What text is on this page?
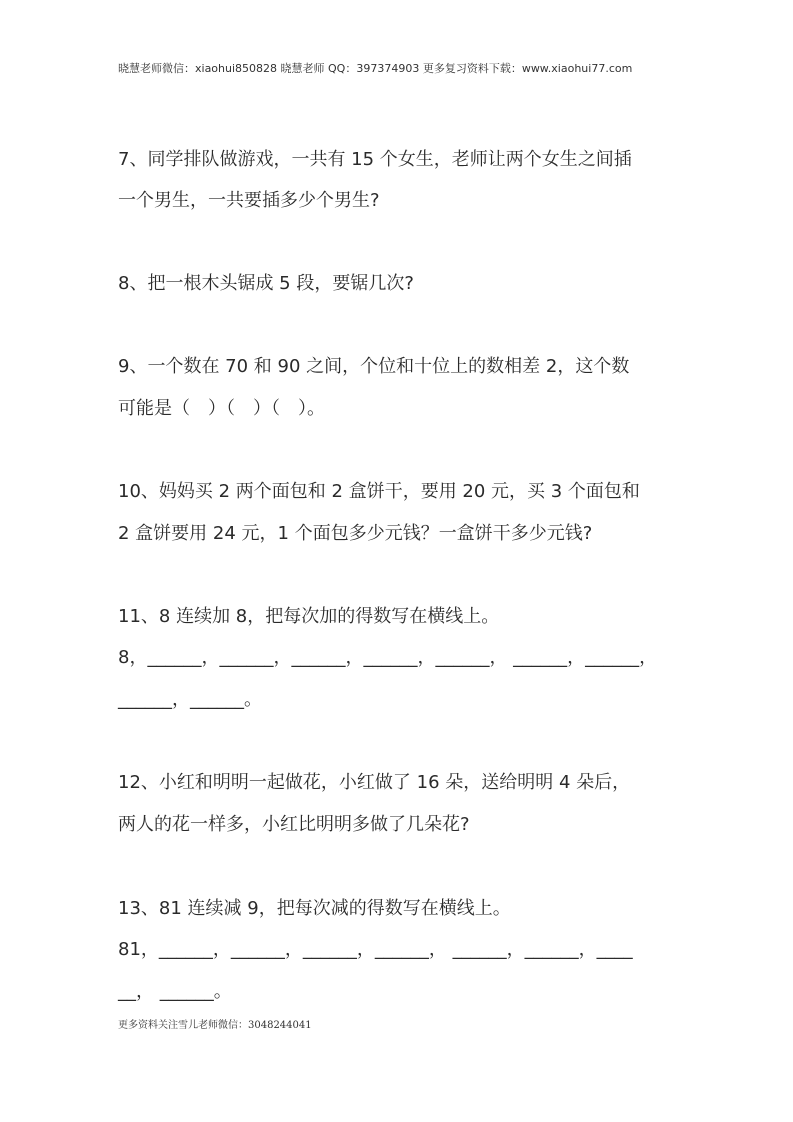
晓慧老师微信：xiaohui850828 晓慧老师 QQ：397374903 更多复习资料下载：www.xiaohui77.com
7、同学排队做游戏，一共有 15 个女生，老师让两个女生之间插
一个男生，一共要插多少个男生?
8、把一根木头锯成 5 段，要锯几次?
9、一个数在 70 和 90 之间，个位和十位上的数相差 2，这个数
可能是（　）（　）（　）。
10、妈妈买 2 两个面包和 2 盒饼干，要用 20 元，买 3 个面包和
2 盒饼要用 24 元，1 个面包多少元钱？一盒饼干多少元钱?
11、8 连续加 8，把每次加的得数写在横线上。
8，______，______，______，______，______， ______，______，
______，______。
12、小红和明明一起做花，小红做了 16 朵，送给明明 4 朵后，
两人的花一样多，小红比明明多做了几朵花?
13、81 连续减 9，把每次减的得数写在横线上。
81，______，______，______，______， ______，______，____
__， ______。
更多资料关注雪儿老师微信：3048244041
